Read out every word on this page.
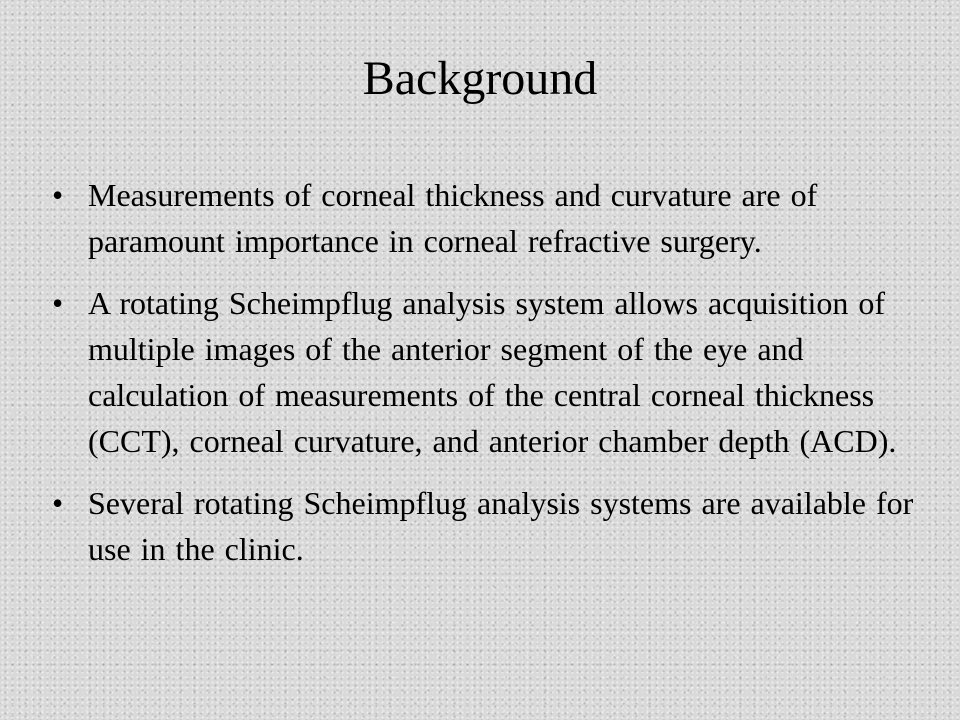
Background
• Measurements of corneal thickness and curvature are of paramount importance in corneal refractive surgery.
• A rotating Scheimpflug analysis system allows acquisition of multiple images of the anterior segment of the eye and calculation of measurements of the central corneal thickness (CCT), corneal curvature, and anterior chamber depth (ACD).
• Several rotating Scheimpflug analysis systems are available for use in the clinic.
